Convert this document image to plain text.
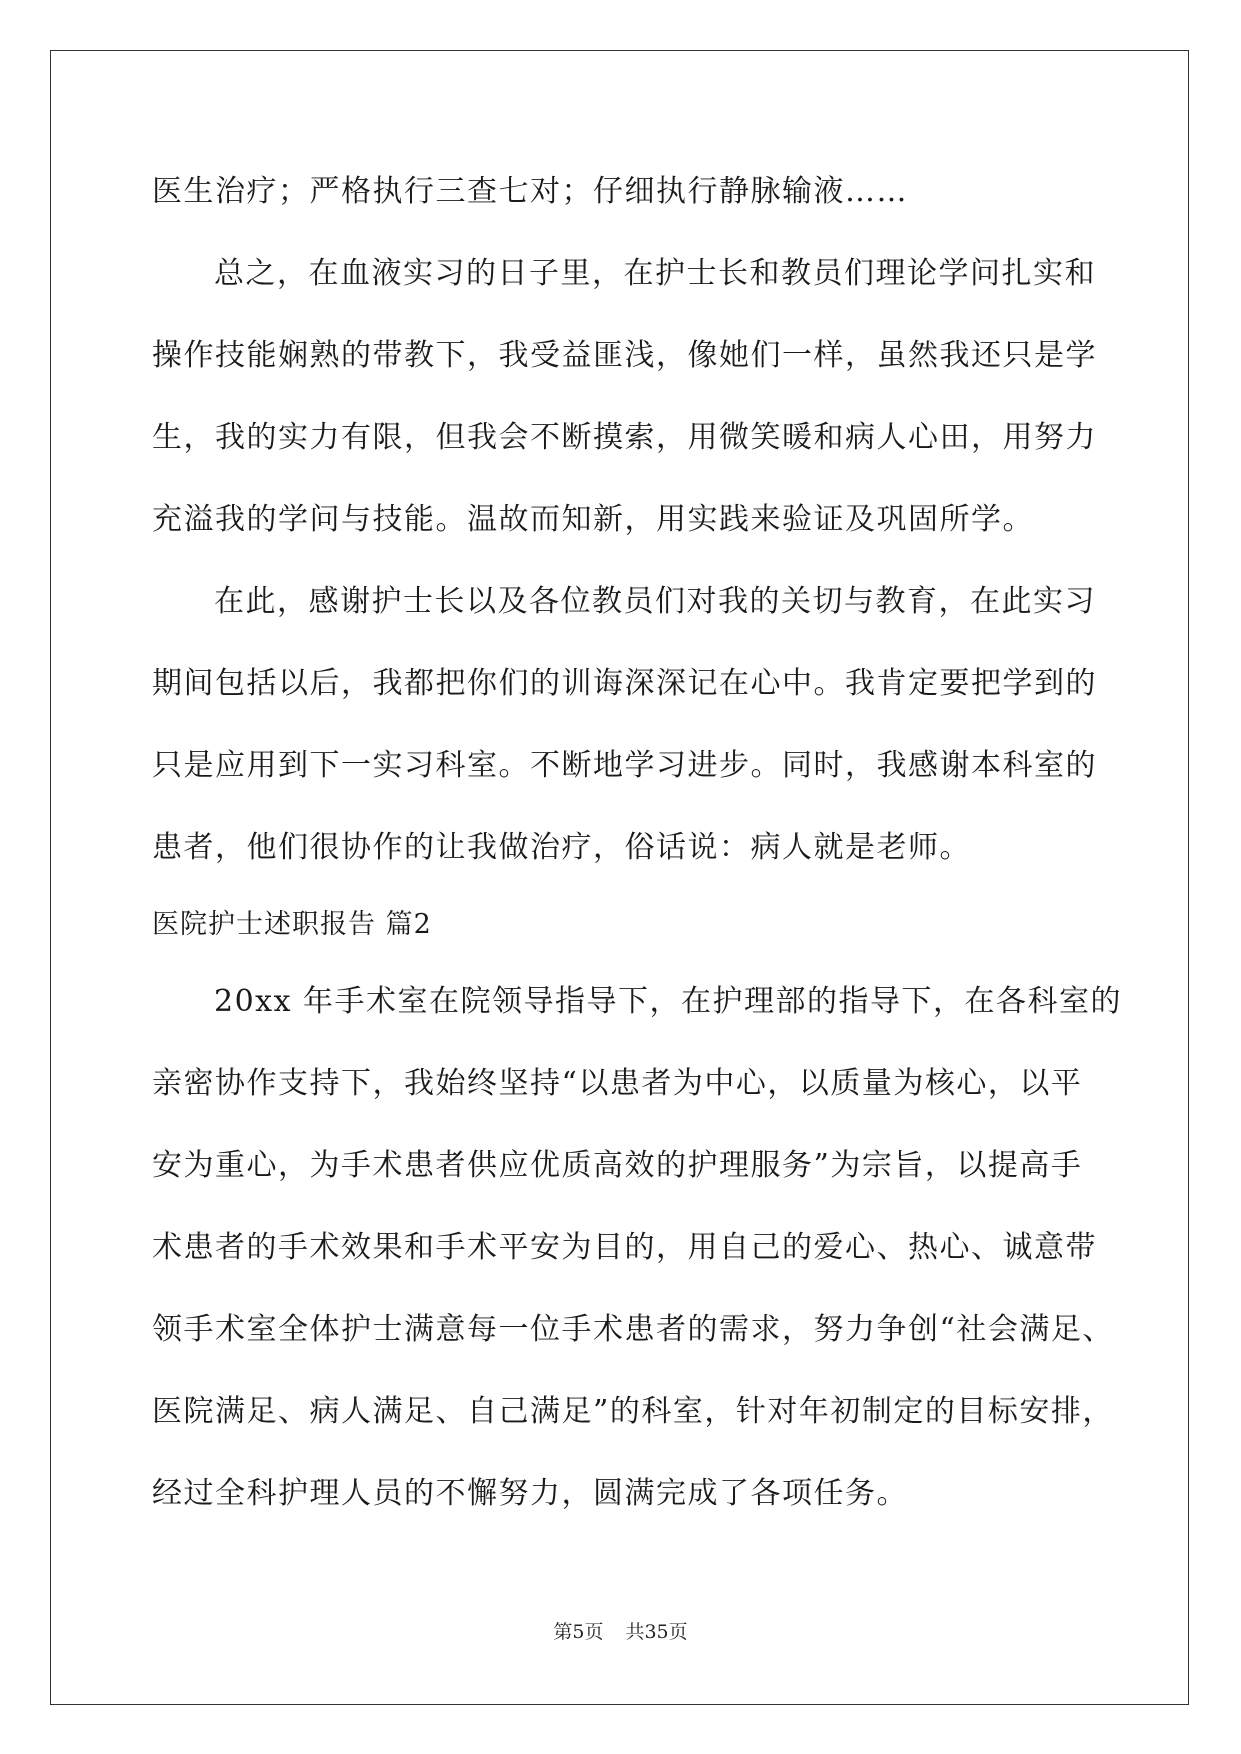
医生治疗；严格执行三查七对；仔细执行静脉输液……
总之，在血液实习的日子里，在护士长和教员们理论学问扎实和
操作技能娴熟的带教下，我受益匪浅，像她们一样，虽然我还只是学
生，我的实力有限，但我会不断摸索，用微笑暖和病人心田，用努力
充溢我的学问与技能。温故而知新，用实践来验证及巩固所学。
在此，感谢护士长以及各位教员们对我的关切与教育，在此实习
期间包括以后，我都把你们的训诲深深记在心中。我肯定要把学到的
只是应用到下一实习科室。不断地学习进步。同时，我感谢本科室的
患者，他们很协作的让我做治疗，俗话说：病人就是老师。
医院护士述职报告 篇2
20xx 年手术室在院领导指导下，在护理部的指导下，在各科室的
亲密协作支持下，我始终坚持“以患者为中心，以质量为核心，以平
安为重心，为手术患者供应优质高效的护理服务”为宗旨，以提高手
术患者的手术效果和手术平安为目的，用自己的爱心、热心、诚意带
领手术室全体护士满意每一位手术患者的需求，努力争创“社会满足、
医院满足、病人满足、自己满足”的科室，针对年初制定的目标安排，
经过全科护理人员的不懈努力，圆满完成了各项任务。
第5页 共35页
